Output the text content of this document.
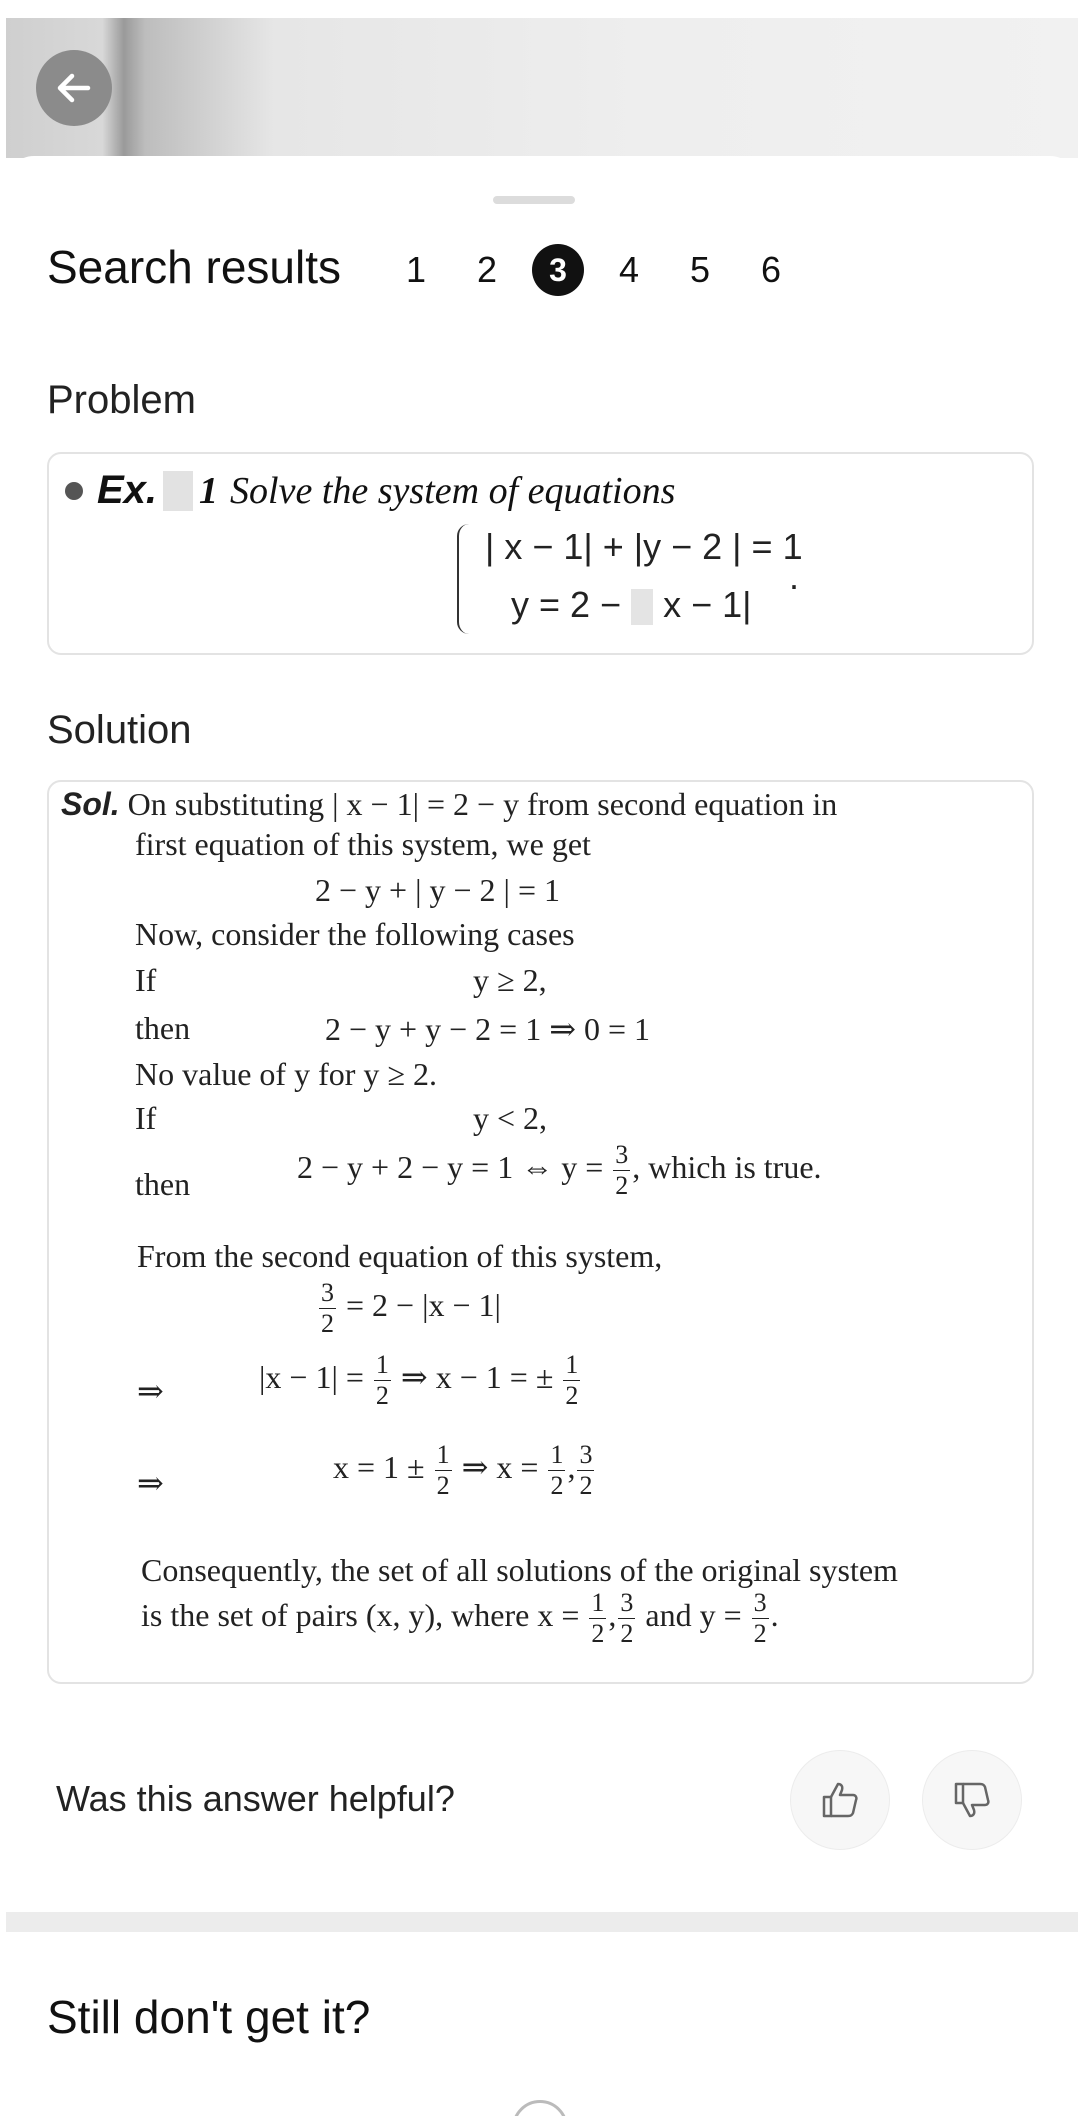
Search results	1	2	3	4	5	6
Problem
Ex. 1 Solve the system of equations
| x − 1| + |y − 2 | = 1
y = 2 − x − 1|
.
Solution
Sol. On substituting | x − 1| = 2 − y from second equation in
first equation of this system, we get
2 − y + | y − 2 | = 1
Now, consider the following cases
If	y ≥ 2,
then	2 − y + y − 2 = 1 ⇒ 0 = 1
No value of y for y ≥ 2.
If	y < 2,
then	2 − y + 2 − y = 1 ⇔ $y = \frac{3}{2}$ , which is true.
From the second equation of this system,
$\frac{3}{2} = 2 - |x - 1|$
⇒	$|x - 1| = \frac{1}{2}$ ⇒ x − 1 = ± $\frac{1}{2}$
⇒	$x = 1 \pm \frac{1}{2}$ ⇒ $x = \frac{1}{2}$ , $\frac{3}{2}$
Consequently, the set of all solutions of the original system
is the set of pairs (x, y), where $x = \frac{1}{2}$ , $\frac{3}{2}$ and $y = \frac{3}{2}$ .
Was this answer helpful?
Still don't get it?
